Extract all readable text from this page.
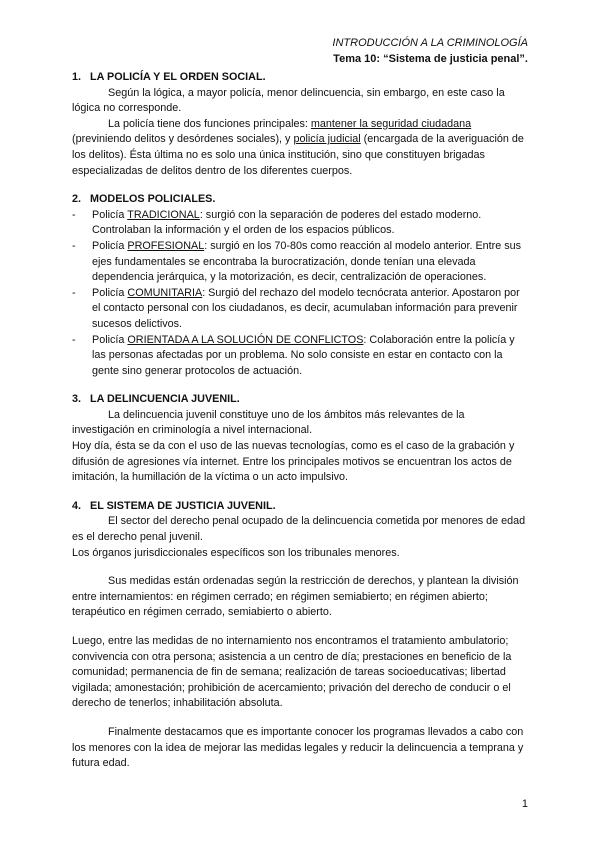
INTRODUCCIÓN A LA CRIMINOLOGÍA
Tema 10: “Sistema de justicia penal”.
1. LA POLICÍA Y EL ORDEN SOCIAL.

Según la lógica, a mayor policía, menor delincuencia, sin embargo, en este caso la lógica no corresponde.

La policía tiene dos funciones principales: mantener la seguridad ciudadana (previniendo delitos y desórdenes sociales), y policía judicial (encargada de la averiguación de los delitos). Ésta última no es solo una única institución, sino que constituyen brigadas especializadas de delitos dentro de los diferentes cuerpos.

2. MODELOS POLICIALES.
- Policía TRADICIONAL: surgió con la separación de poderes del estado moderno. Controlaban la información y el orden de los espacios públicos.
- Policía PROFESIONAL: surgió en los 70-80s como reacción al modelo anterior. Entre sus ejes fundamentales se encontraba la burocratización, donde tenían una elevada dependencia jerárquica, y la motorización, es decir, centralización de operaciones.
- Policía COMUNITARIA: Surgió del rechazo del modelo tecnócrata anterior. Apostaron por el contacto personal con los ciudadanos, es decir, acumulaban información para prevenir sucesos delictivos.
- Policía ORIENTADA A LA SOLUCIÓN DE CONFLICTOS: Colaboración entre la policía y las personas afectadas por un problema. No solo consiste en estar en contacto con la gente sino generar protocolos de actuación.
3. LA DELINCUENCIA JUVENIL.

La delincuencia juvenil constituye uno de los ámbitos más relevantes de la investigación en criminología a nivel internacional.

Hoy día, ésta se da con el uso de las nuevas tecnologías, como es el caso de la grabación y difusión de agresiones vía internet. Entre los principales motivos se encuentran los actos de imitación, la humillación de la víctima o un acto impulsivo.

4. EL SISTEMA DE JUSTICIA JUVENIL.

El sector del derecho penal ocupado de la delincuencia cometida por menores de edad es el derecho penal juvenil.

Los órganos jurisdiccionales específicos son los tribunales menores.

Sus medidas están ordenadas según la restricción de derechos, y plantean la división entre internamientos: en régimen cerrado; en régimen semiabierto; en régimen abierto; terapéutico en régimen cerrado, semiabierto o abierto.

Luego, entre las medidas de no internamiento nos encontramos el tratamiento ambulatorio; convivencia con otra persona; asistencia a un centro de día; prestaciones en beneficio de la comunidad; permanencia de fin de semana; realización de tareas socioeducativas; libertad vigilada; amonestación; prohibición de acercamiento; privación del derecho de conducir o el derecho de tenerlos; inhabilitación absoluta.

Finalmente destacamos que es importante conocer los programas llevados a cabo con los menores con la idea de mejorar las medidas legales y reducir la delincuencia a temprana y futura edad.

1
